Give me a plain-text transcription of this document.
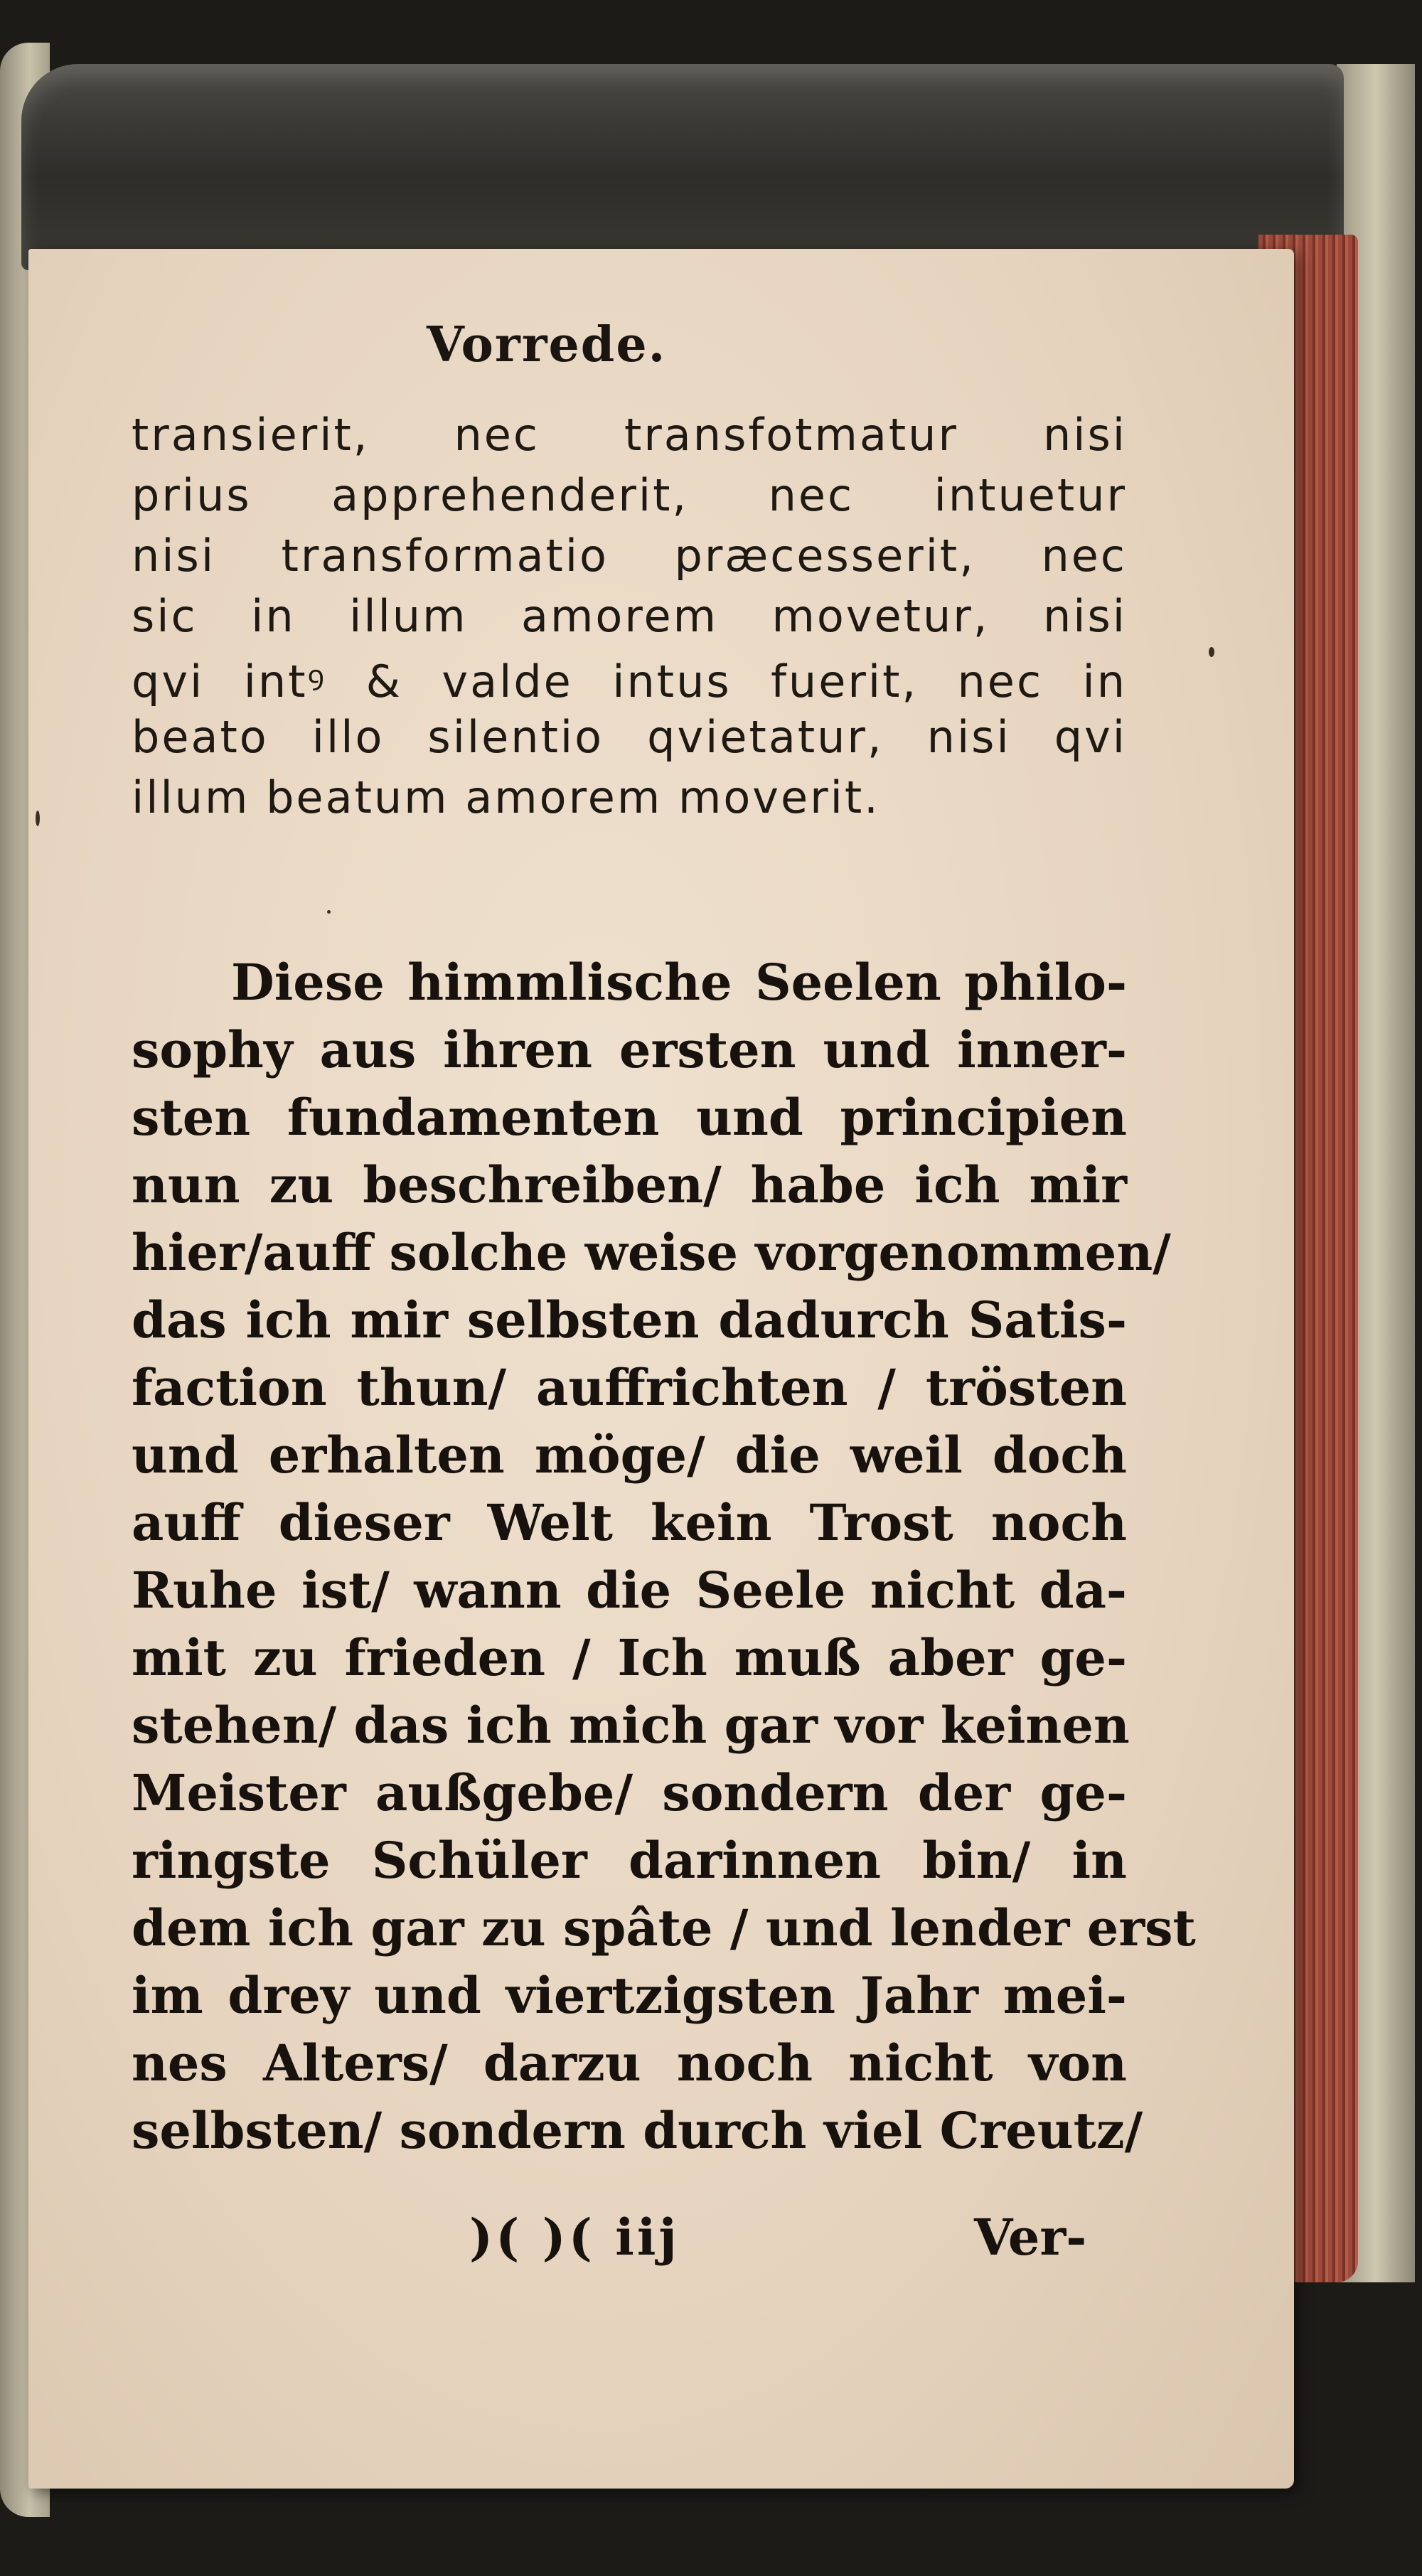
Vorrede.
transierit, nec transfotmatur nisi
prius apprehenderit, nec intuetur
nisi transformatio præcesserit, nec
sic in illum amorem movetur, nisi
qvi intꝰ & valde intus fuerit, nec in
beato illo silentio qvietatur, nisi qvi
illum beatum amorem moverit.
Diese himmlische Seelen philo-
sophy aus ihren ersten und inner-
sten fundamenten und principien
nun zu beschreiben/ habe ich mir
hier/auff solche weise vorgenommen/
das ich mir selbsten dadurch Satis-
faction thun/ auffrichten / trösten
und erhalten möge/ die weil doch
auff dieser Welt kein Trost noch
Ruhe ist/ wann die Seele nicht da-
mit zu frieden / Ich muß aber ge-
stehen/ das ich mich gar vor keinen
Meister außgebe/ sondern der ge-
ringste Schüler darinnen bin/ in
dem ich gar zu spâte / und lender erst
im drey und viertzigsten Jahr mei-
nes Alters/ darzu noch nicht von
selbsten/ sondern durch viel Creutz/
)( )( iij	Ver-
